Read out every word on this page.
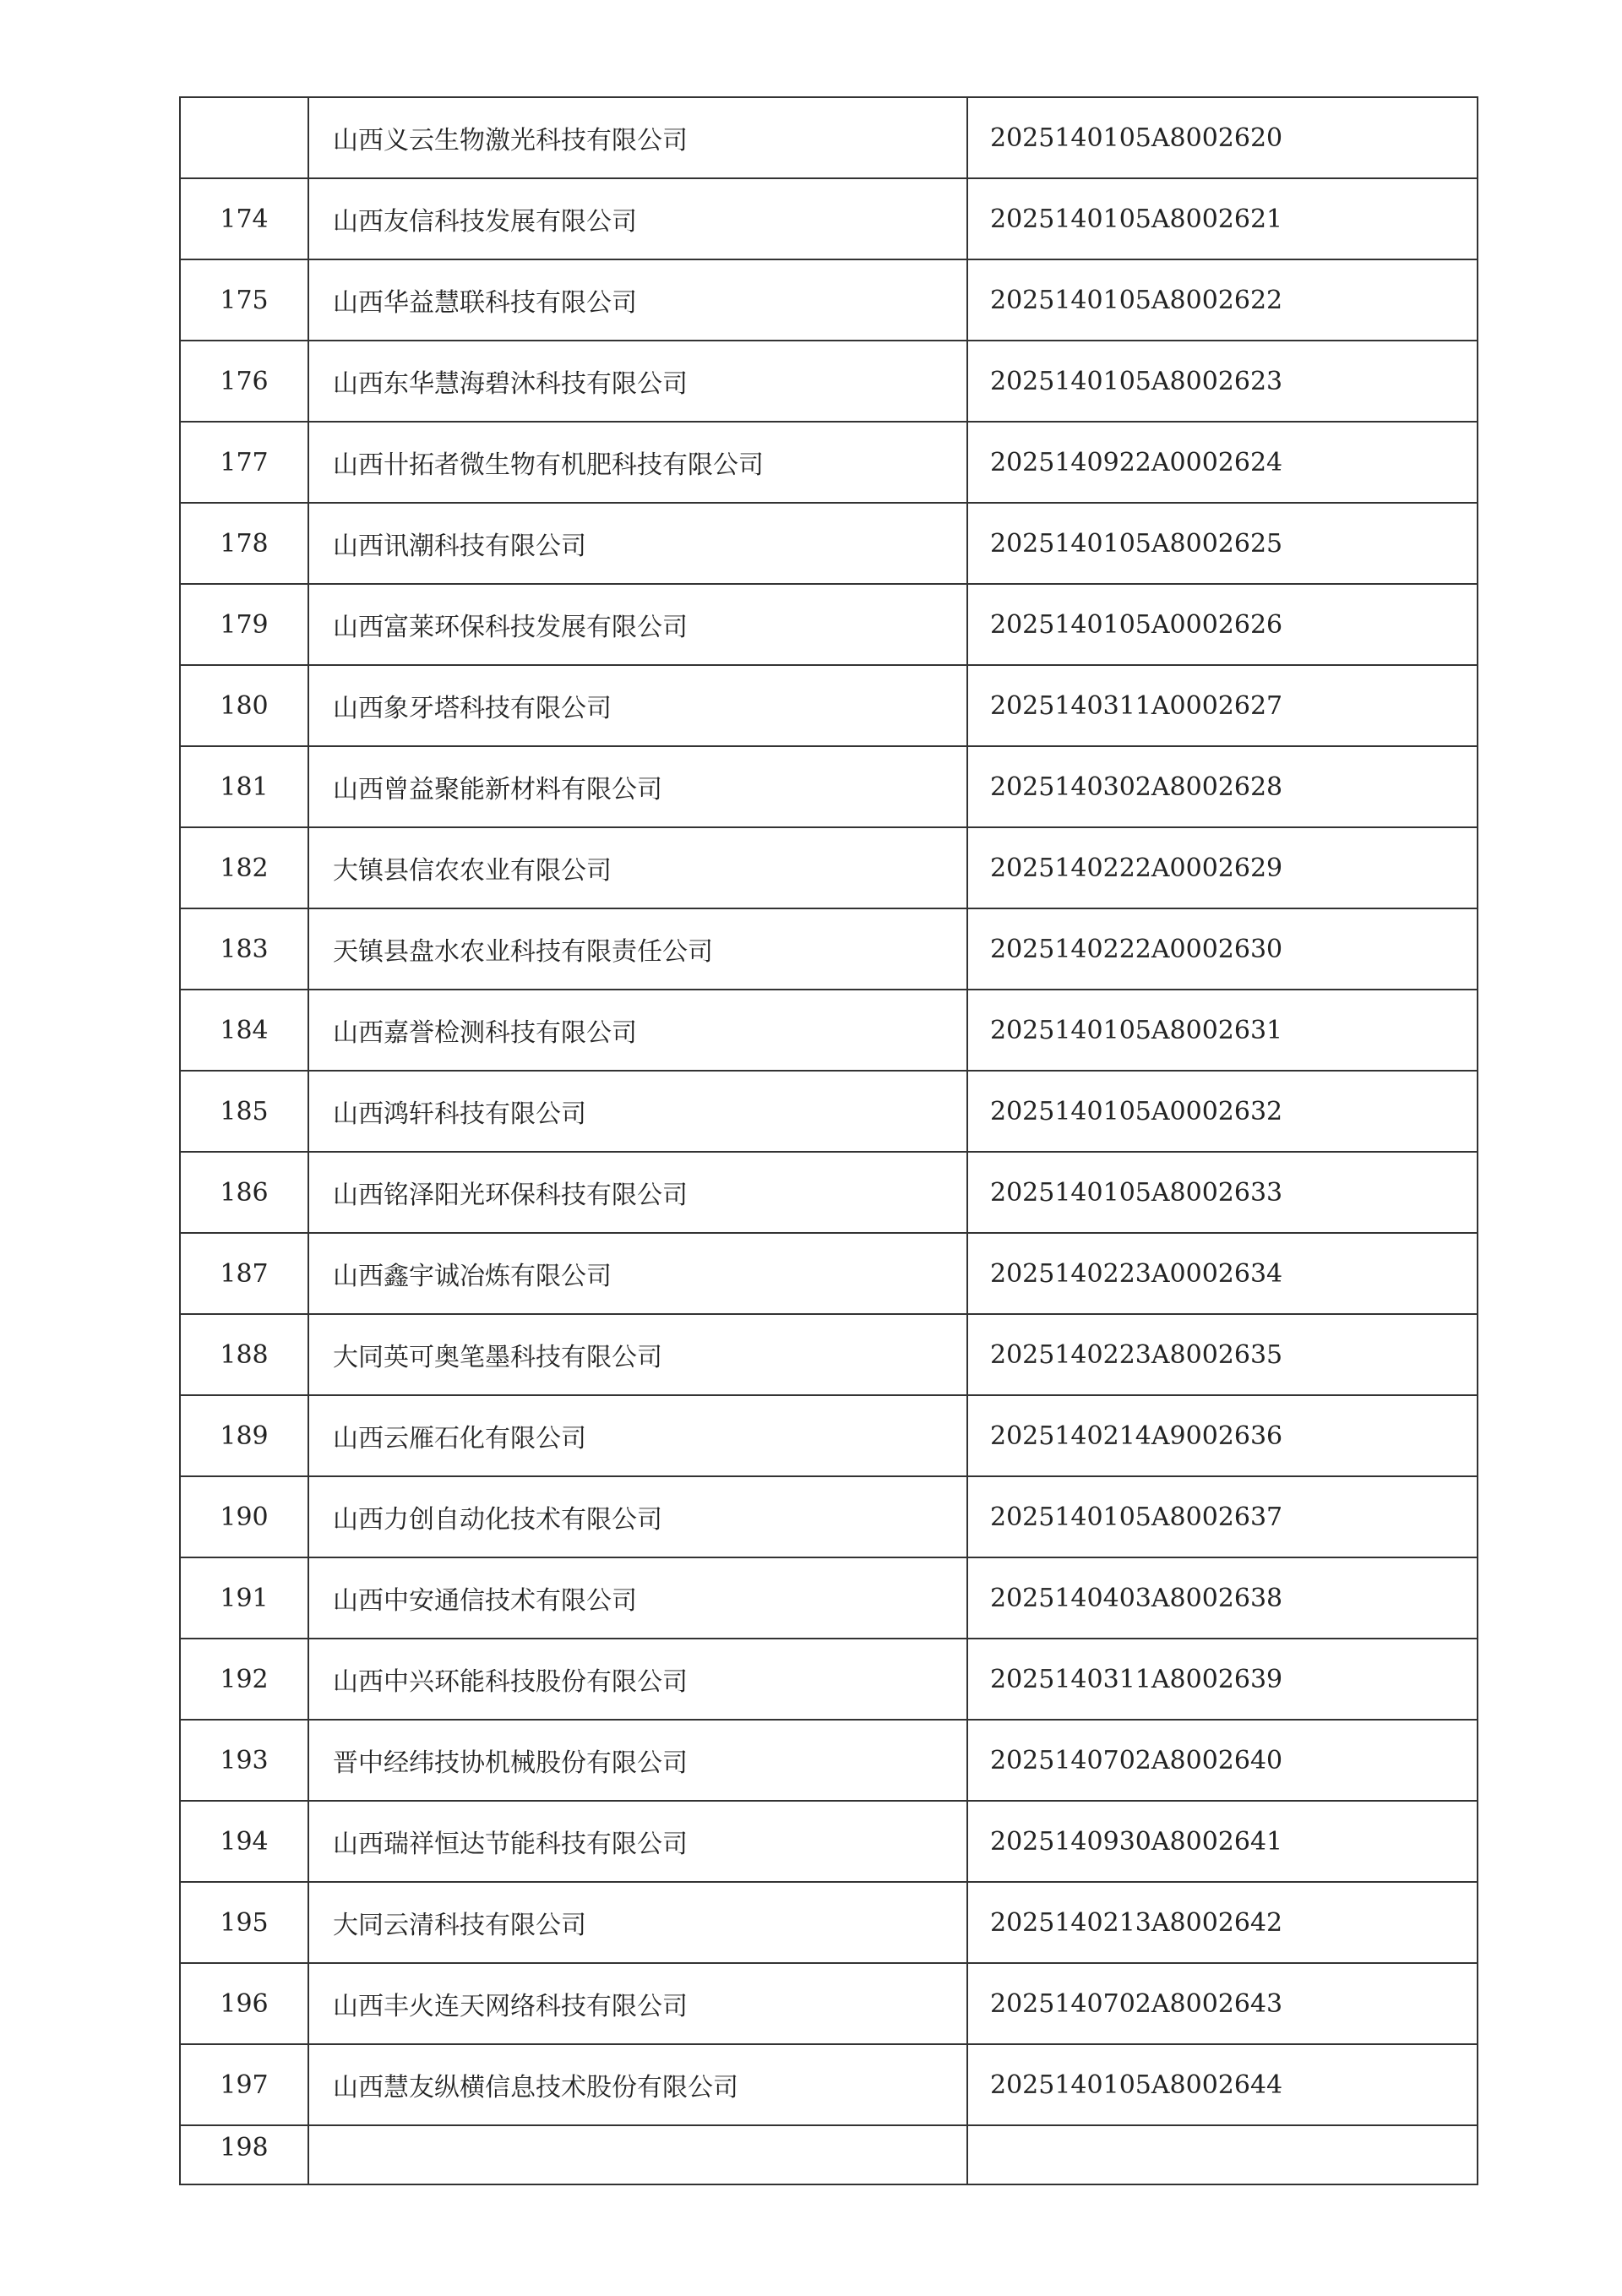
	山西义云生物激光科技有限公司	2025140105A8002620
174	山西友信科技发展有限公司	2025140105A8002621
175	山西华益慧联科技有限公司	2025140105A8002622
176	山西东华慧海碧沐科技有限公司	2025140105A8002623
177	山西卄拓者微生物有机肥科技有限公司	2025140922A0002624
178	山西讯潮科技有限公司	2025140105A8002625
179	山西富莱环保科技发展有限公司	2025140105A0002626
180	山西象牙塔科技有限公司	2025140311A0002627
181	山西曾益聚能新材料有限公司	2025140302A8002628
182	大镇县信农农业有限公司	2025140222A0002629
183	天镇县盘水农业科技有限责任公司	2025140222A0002630
184	山西嘉誉检测科技有限公司	2025140105A8002631
185	山西鸿轩科技有限公司	2025140105A0002632
186	山西铭泽阳光环保科技有限公司	2025140105A8002633
187	山西鑫宇诚冶炼有限公司	2025140223A0002634
188	大同英可奥笔墨科技有限公司	2025140223A8002635
189	山西云雁石化有限公司	2025140214A9002636
190	山西力创自动化技术有限公司	2025140105A8002637
191	山西中安通信技术有限公司	2025140403A8002638
192	山西中兴环能科技股份有限公司	2025140311A8002639
193	晋中经纬技协机械股份有限公司	2025140702A8002640
194	山西瑞祥恒达节能科技有限公司	2025140930A8002641
195	大同云清科技有限公司	2025140213A8002642
196	山西丰火连天网络科技有限公司	2025140702A8002643
197	山西慧友纵横信息技术股份有限公司	2025140105A8002644
198		
